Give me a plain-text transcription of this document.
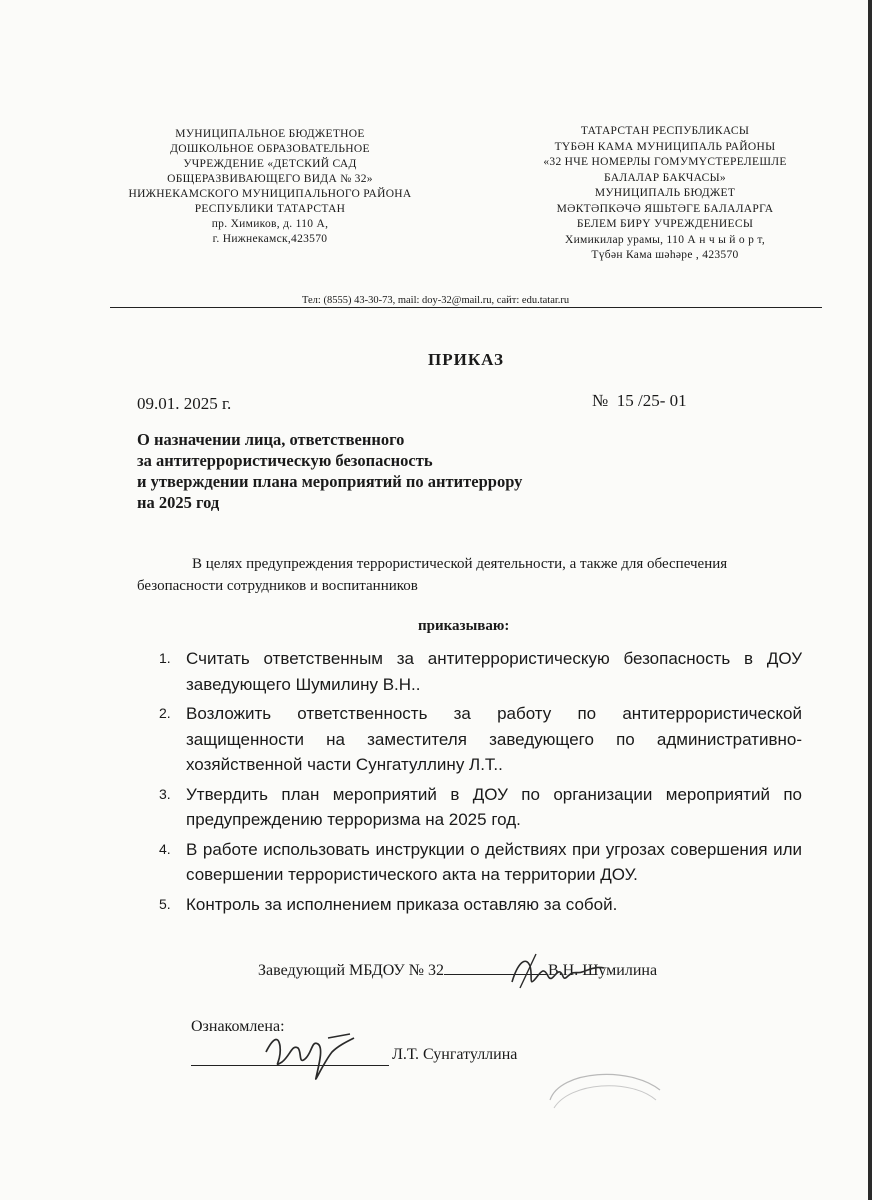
МУНИЦИПАЛЬНОЕ БЮДЖЕТНОЕ
ДОШКОЛЬНОЕ ОБРАЗОВАТЕЛЬНОЕ
УЧРЕЖДЕНИЕ «ДЕТСКИЙ САД
ОБЩЕРАЗВИВАЮЩЕГО ВИДА № 32»
НИЖНЕКАМСКОГО МУНИЦИПАЛЬНОГО РАЙОНА
РЕСПУБЛИКИ ТАТАРСТАН
пр. Химиков, д. 110 А,
г. Нижнекамск,423570
ТАТАРСТАН РЕСПУБЛИКАСЫ
ТҮБӘН КАМА МУНИЦИПАЛЬ РАЙОНЫ
«32 НЧЕ НОМЕРЛЫ ГОМУМҮСТЕРЕЛЕШЛЕ
БАЛАЛАР БАКЧАСЫ»
МУНИЦИПАЛЬ БЮДЖЕТ
МӘКТӘПКӘЧӘ ЯШЬТӘГЕ БАЛАЛАРГА
БЕЛЕМ БИРҮ УЧРЕЖДЕНИЕСЫ
Химикилар урамы, 110 А н ч ы й о р т,
Түбән Кама шәһәре , 423570
Тел: (8555) 43-30-73, mail: doy-32@mail.ru, сайт: edu.tatar.ru
ПРИКАЗ
09.01. 2025 г.	№  15 /25- 01
О назначении лица, ответственного
за антитеррористическую безопасность
и утверждении плана мероприятий по антитеррору
на 2025 год
В целях предупреждения террористической деятельности, а также для обеспечения
безопасности сотрудников и воспитанников
приказываю:
1. Считать ответственным за антитеррористическую безопасность в ДОУ заведующего Шумилину В.Н..
2. Возложить ответственность за работу по антитеррористической защищенности на заместителя заведующего по административно-хозяйственной части Сунгатуллину Л.Т..
3. Утвердить план мероприятий в ДОУ по организации мероприятий по предупреждению терроризма на 2025 год.
4. В работе использовать инструкции о действиях при угрозах совершения или совершении террористического акта на территории ДОУ.
5. Контроль за исполнением приказа оставляю за собой.
Заведующий МБДОУ № 32	В.Н. Шумилина
Ознакомлена:
Л.Т. Сунгатуллина
